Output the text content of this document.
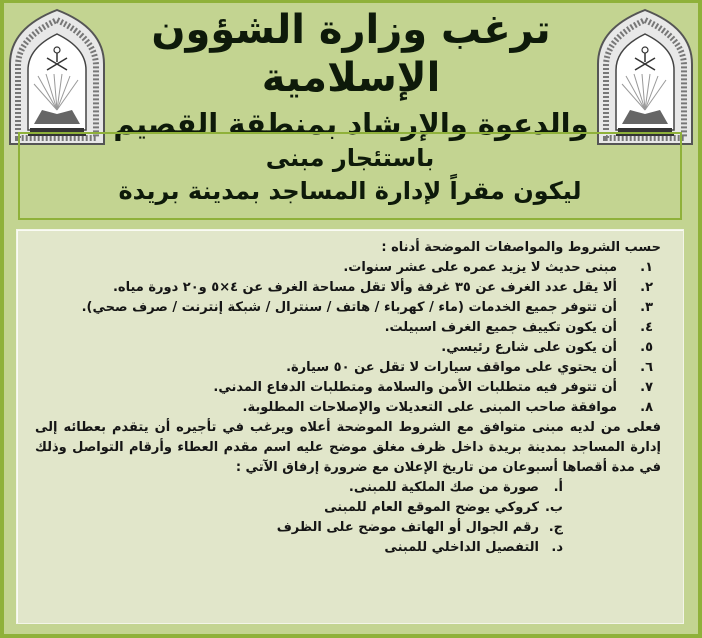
ترغب وزارة الشؤون الإسلامية
والدعوة والإرشاد بمنطقة القصيم
باستئجار مبنى
ليكون مقراً لإدارة المساجد بمدينة بريدة
حسب الشروط والمواصفات الموضحة أدناه :
١.
مبنى حديث لا يزيد عمره على عشر سنوات.
٢.
ألا يقل عدد الغرف عن ٣٥ غرفة وألا تقل مساحة الغرف عن ٤×٥ و٢٠ دورة مياه.
٣.
أن تتوفر جميع الخدمات (ماء / كهرباء / هاتف / سنترال / شبكة إنترنت / صرف صحي).
٤.
أن يكون تكييف جميع الغرف اسبيلت.
٥.
أن يكون على شارع رئيسي.
٦.
أن يحتوي على مواقف سيارات لا تقل عن ٥٠ سيارة.
٧.
أن تتوفر فيه متطلبات الأمن والسلامة ومتطلبات الدفاع المدني.
٨.
موافقة صاحب المبنى على التعديلات والإصلاحات المطلوبة.

فعلى من لديه مبنى متوافق مع الشروط الموضحة أعلاه ويرغب في تأجيره أن يتقدم بعطائه إلى إدارة المساجد بمدينة بريدة داخل ظرف مغلق موضح عليه اسم مقدم العطاء وأرقام التواصل وذلك في مدة أقصاها أسبوعان من تاريخ الإعلان مع ضرورة إرفاق الآتي :

أ.
صورة من صك الملكية للمبنى.
ب.
كروكي يوضح الموقع العام للمبنى
ج.
رقم الجوال أو الهاتف موضح على الظرف
د.
التفصيل الداخلي للمبنى
